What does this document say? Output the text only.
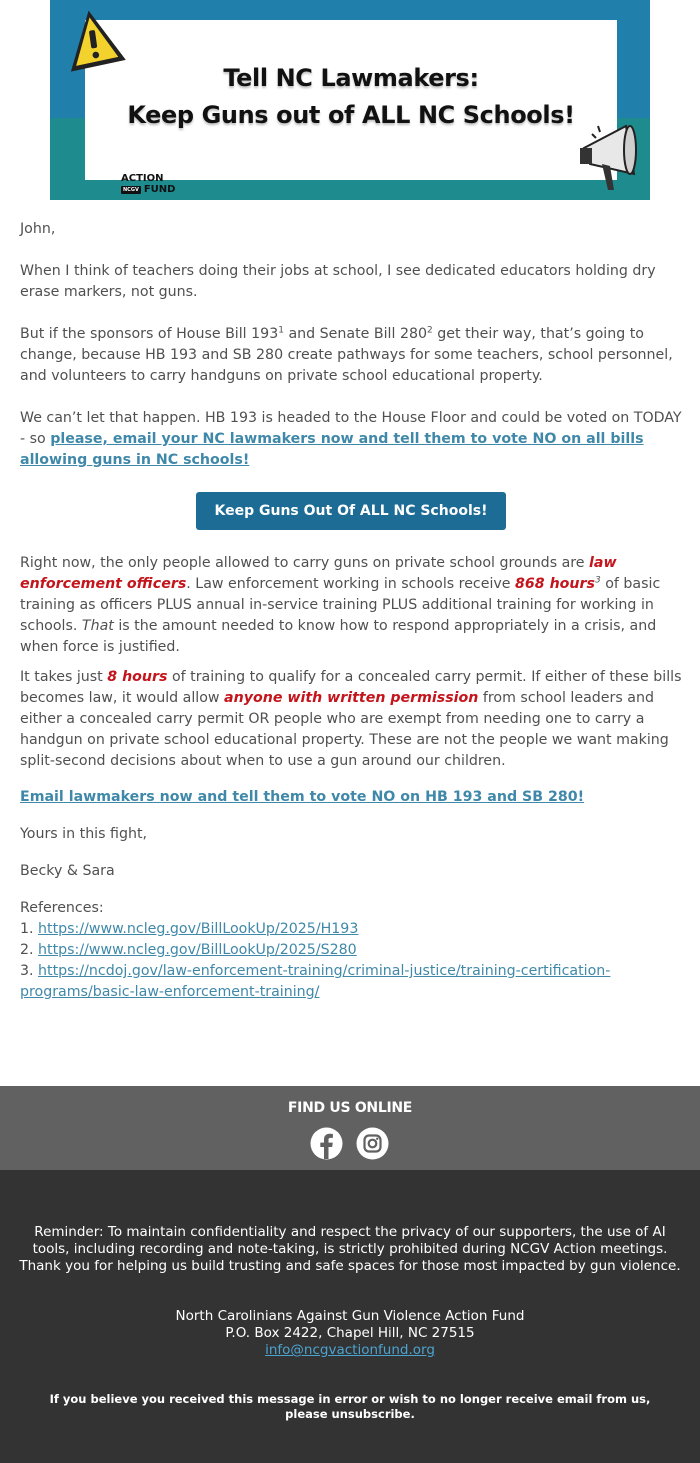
Tell NC Lawmakers:
Keep Guns out of ALL NC Schools!
ACTION
NCGV FUND

John,

When I think of teachers doing their jobs at school, I see dedicated educators holding dry erase markers, not guns.

But if the sponsors of House Bill $193^1$ and Senate Bill $280^2$ get their way, that’s going to change, because HB 193 and SB 280 create pathways for some teachers, school personnel, and volunteers to carry handguns on private school educational property.

We can’t let that happen. HB 193 is headed to the House Floor and could be voted on TODAY - so please, email your NC lawmakers now and tell them to vote NO on all bills allowing guns in NC schools!

Keep Guns Out Of ALL NC Schools!

Right now, the only people allowed to carry guns on private school grounds are law enforcement officers. Law enforcement working in schools receive 868 hours$^3$ of basic training as officers PLUS annual in-service training PLUS additional training for working in schools. That is the amount needed to know how to respond appropriately in a crisis, and when force is justified.

It takes just 8 hours of training to qualify for a concealed carry permit. If either of these bills becomes law, it would allow anyone with written permission from school leaders and either a concealed carry permit OR people who are exempt from needing one to carry a handgun on private school educational property. These are not the people we want making split-second decisions about when to use a gun around our children.

Email lawmakers now and tell them to vote NO on HB 193 and SB 280!

Yours in this fight,

Becky & Sara

References:
1. https://www.ncleg.gov/BillLookUp/2025/H193
2. https://www.ncleg.gov/BillLookUp/2025/S280
3. https://ncdoj.gov/law-enforcement-training/criminal-justice/training-certification-programs/basic-law-enforcement-training/
FIND US ONLINE
Reminder: To maintain confidentiality and respect the privacy of our supporters, the use of AI tools, including recording and note-taking, is strictly prohibited during NCGV Action meetings. Thank you for helping us build trusting and safe spaces for those most impacted by gun violence.
North Carolinians Against Gun Violence Action Fund
P.O. Box 2422, Chapel Hill, NC 27515
info@ncgvactionfund.org
If you believe you received this message in error or wish to no longer receive email from us, please unsubscribe.
